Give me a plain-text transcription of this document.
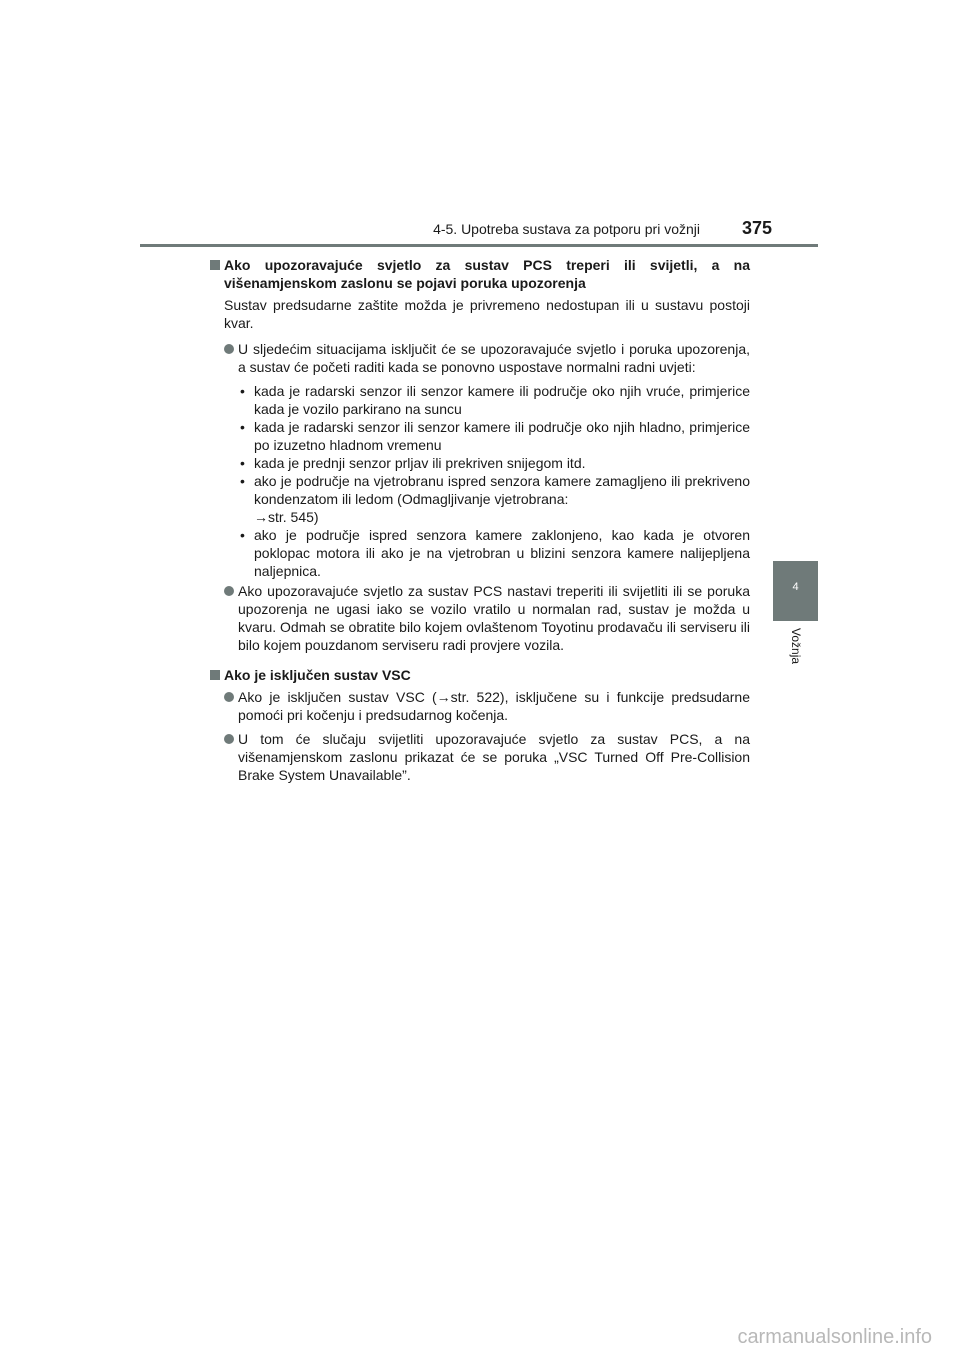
4-5. Upotreba sustava za potporu pri vožnji 375
4
Vožnja
Ako upozoravajuće svjetlo za sustav PCS treperi ili svijetli, a na višenamjenskom zaslonu se pojavi poruka upozorenja
Sustav predsudarne zaštite možda je privremeno nedostupan ili u sustavu postoji kvar.
U sljedećim situacijama isključit će se upozoravajuće svjetlo i poruka upozorenja, a sustav će početi raditi kada se ponovno uspostave normalni radni uvjeti:
• kada je radarski senzor ili senzor kamere ili područje oko njih vruće, primjerice kada je vozilo parkirano na suncu
• kada je radarski senzor ili senzor kamere ili područje oko njih hladno, primjerice po izuzetno hladnom vremenu
• kada je prednji senzor prljav ili prekriven snijegom itd.
• ako je područje na vjetrobranu ispred senzora kamere zamagljeno ili prekriveno kondenzatom ili ledom (Odmagljivanje vjetrobrana:
→str. 545)
• ako je područje ispred senzora kamere zaklonjeno, kao kada je otvoren poklopac motora ili ako je na vjetrobran u blizini senzora kamere nalijepljena naljepnica.
Ako upozoravajuće svjetlo za sustav PCS nastavi treperiti ili svijetliti ili se poruka upozorenja ne ugasi iako se vozilo vratilo u normalan rad, sustav je možda u kvaru. Odmah se obratite bilo kojem ovlaštenom Toyotinu prodavaču ili serviseru ili bilo kojem pouzdanom serviseru radi provjere vozila.
Ako je isključen sustav VSC
Ako je isključen sustav VSC (→str. 522), isključene su i funkcije predsudarne pomoći pri kočenju i predsudarnog kočenja.
U tom će slučaju svijetliti upozoravajuće svjetlo za sustav PCS, a na višenamjenskom zaslonu prikazat će se poruka „VSC Turned Off Pre-Collision Brake System Unavailable”.
carmanualsonline.info
